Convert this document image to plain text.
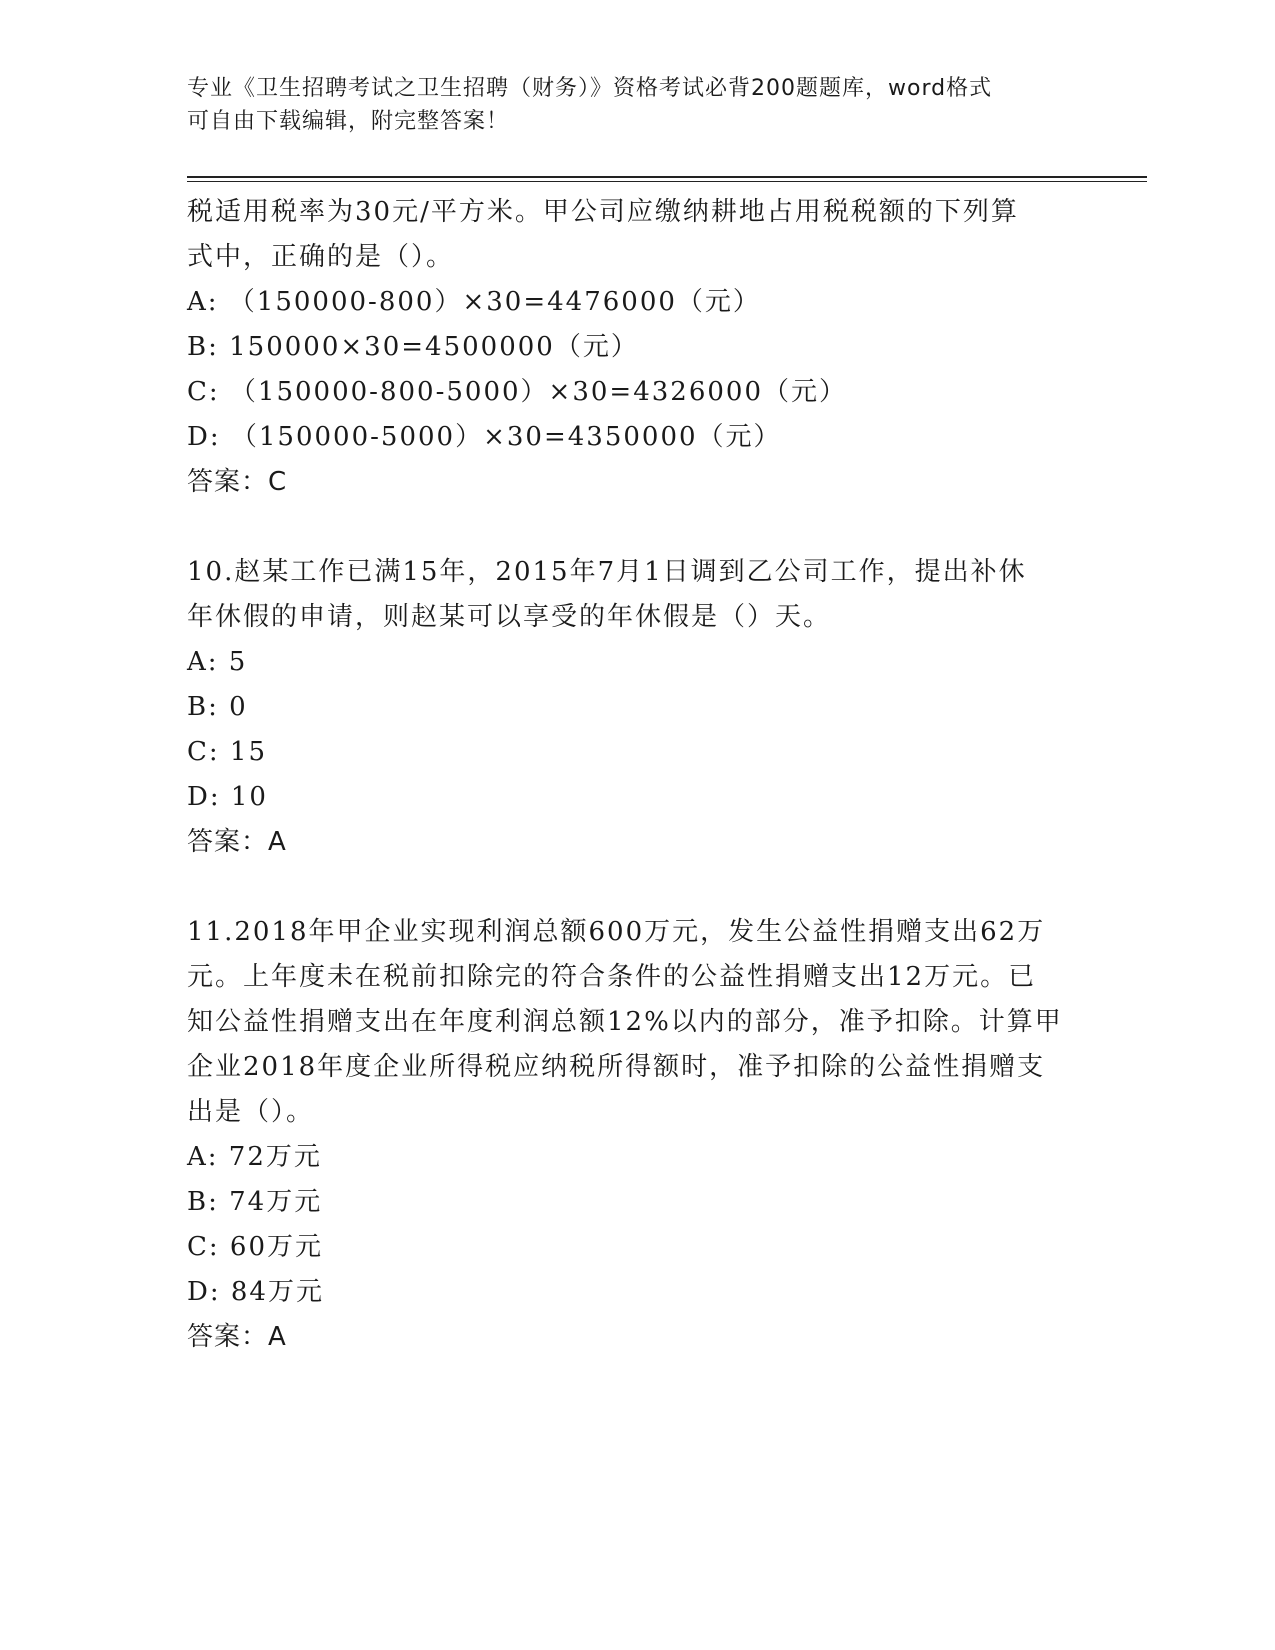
专业《卫生招聘考试之卫生招聘（财务）》资格考试必背200题题库，word格式
可自由下载编辑，附完整答案！
税适用税率为30元/平方米。甲公司应缴纳耕地占用税税额的下列算
式中，正确的是（）。
A: （150000-800）×30=4476000（元）
B: 150000×30=4500000（元）
C: （150000-800-5000）×30=4326000（元）
D: （150000-5000）×30=4350000（元）
答案：C
10.赵某工作已满15年，2015年7月1日调到乙公司工作，提出补休
年休假的申请，则赵某可以享受的年休假是（）天。
A: 5
B: 0
C: 15
D: 10
答案：A
11.2018年甲企业实现利润总额600万元，发生公益性捐赠支出62万
元。上年度未在税前扣除完的符合条件的公益性捐赠支出12万元。已
知公益性捐赠支出在年度利润总额12%以内的部分，准予扣除。计算甲
企业2018年度企业所得税应纳税所得额时，准予扣除的公益性捐赠支
出是（）。
A: 72万元
B: 74万元
C: 60万元
D: 84万元
答案：A
